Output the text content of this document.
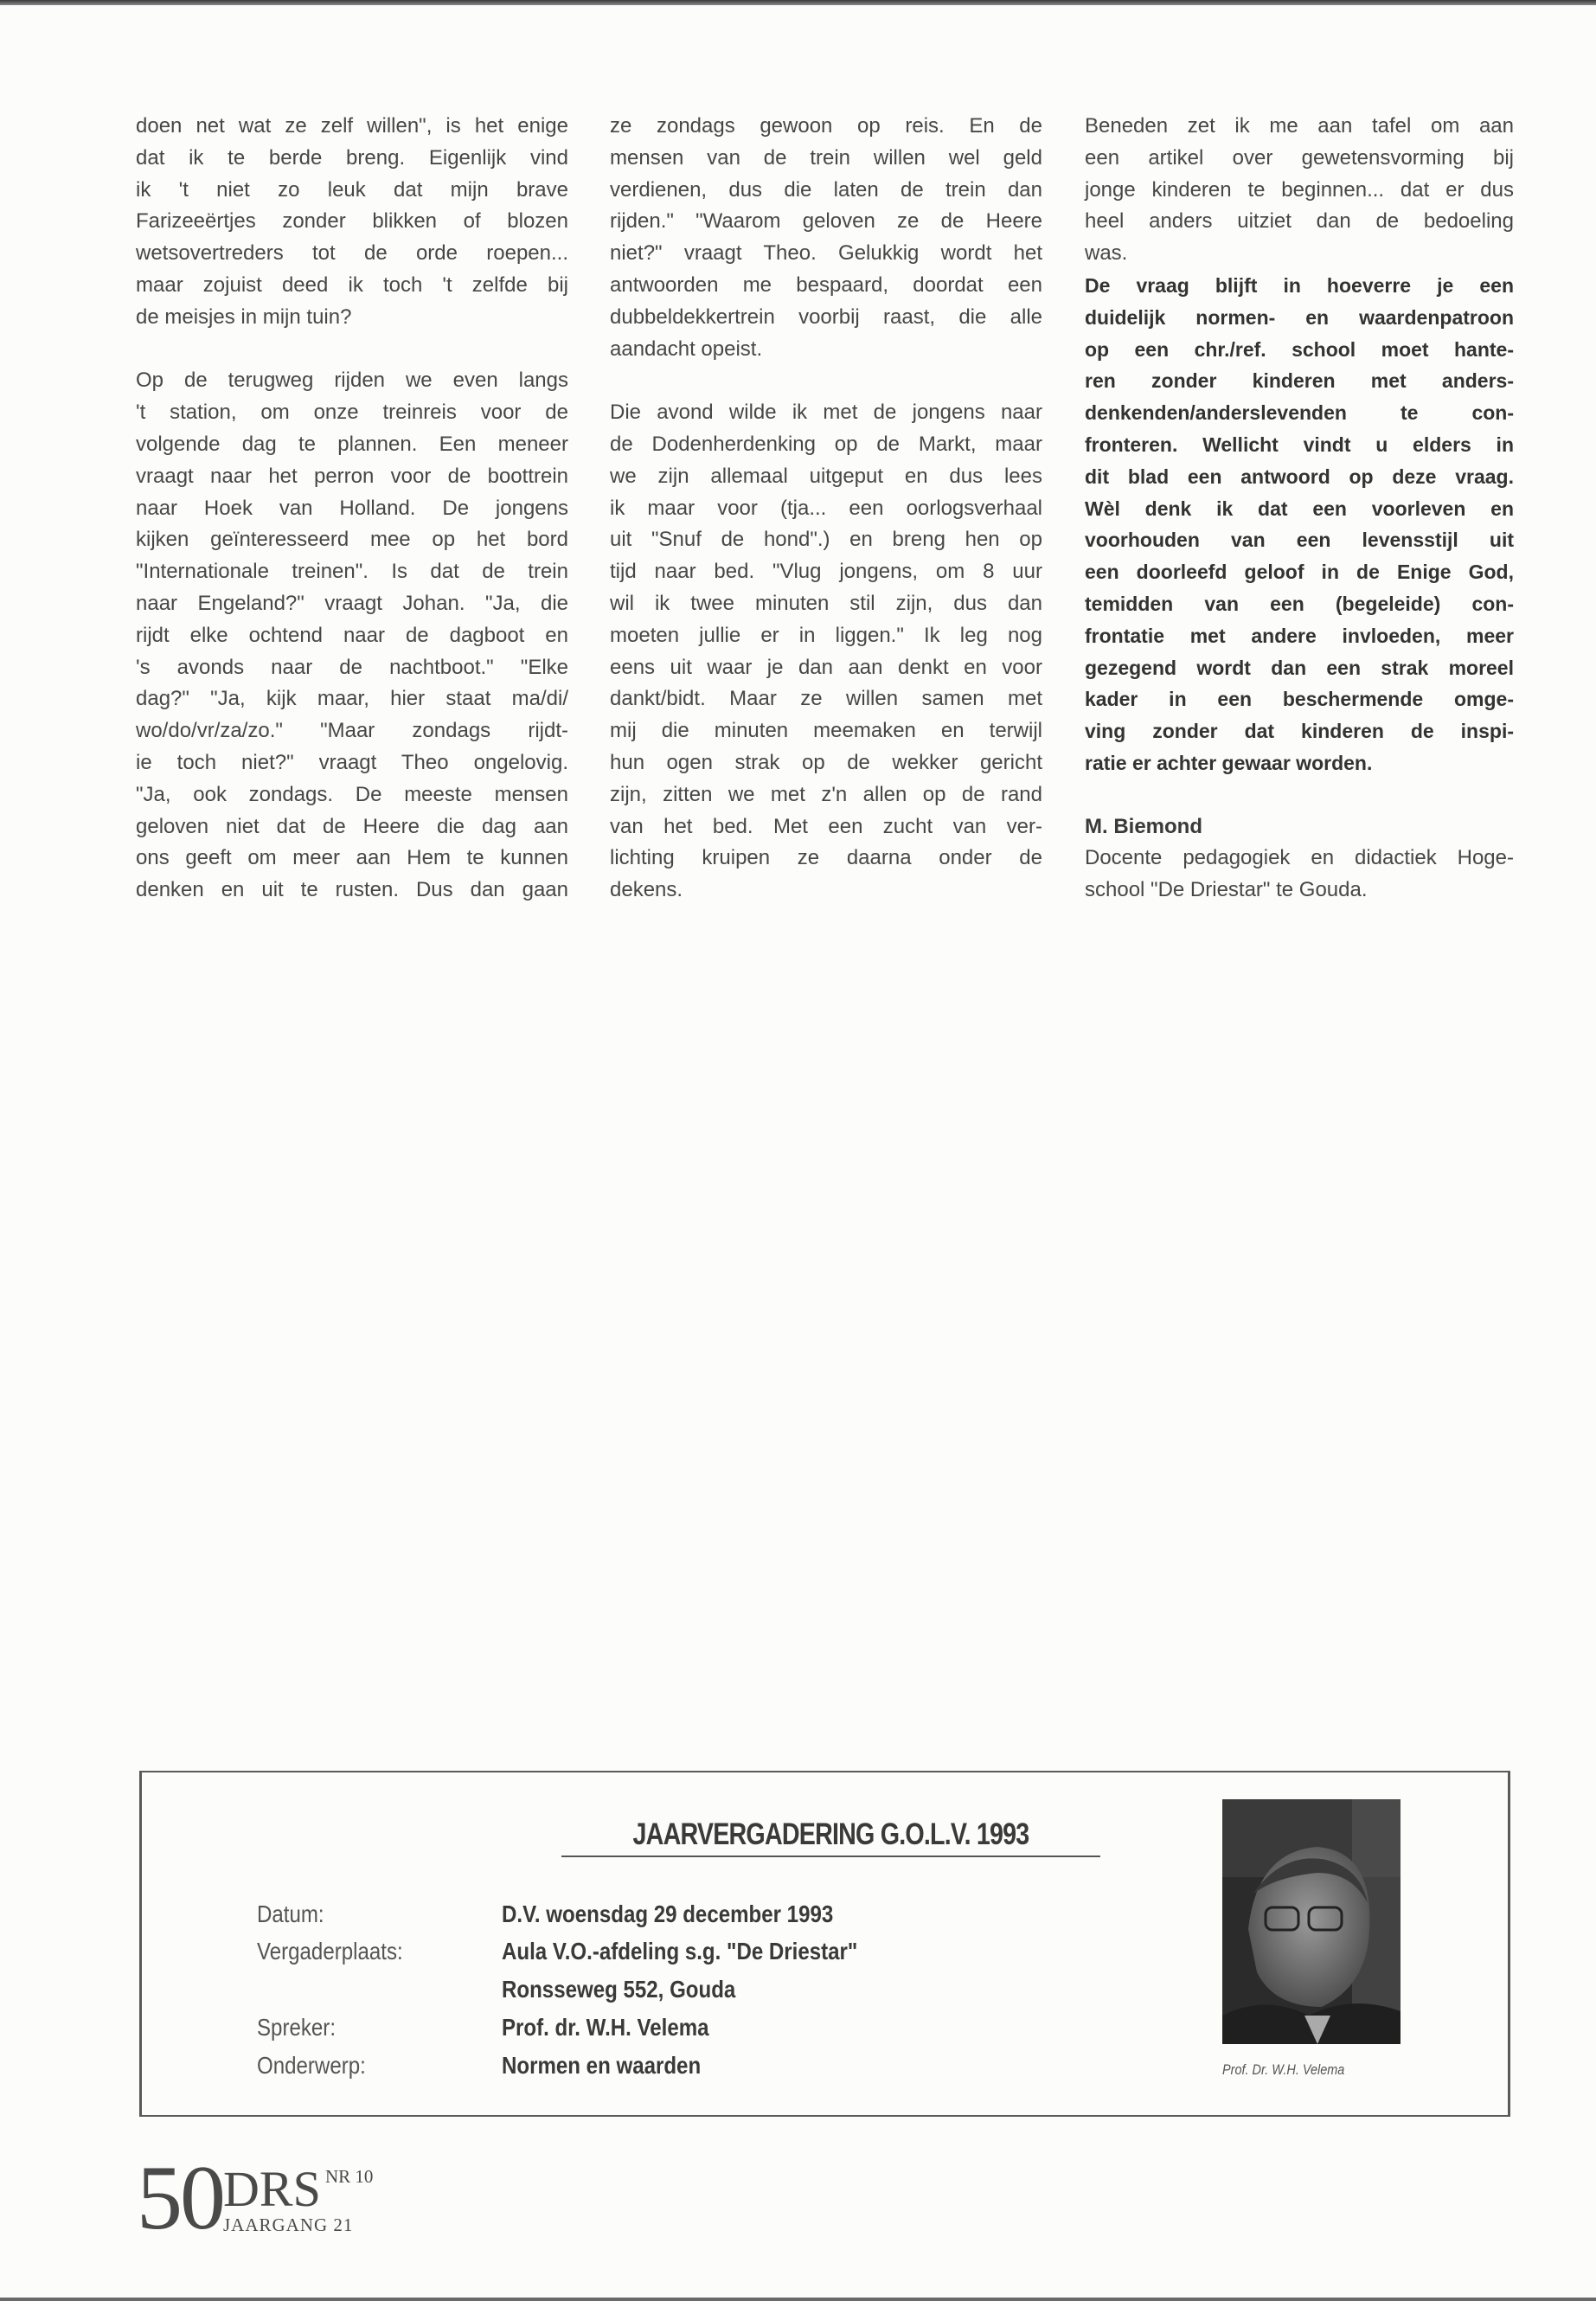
doen net wat ze zelf willen", is het enige
dat ik te berde breng. Eigenlijk vind
ik 't niet zo leuk dat mijn brave
Farizeeërtjes zonder blikken of blozen
wetsovertreders tot de orde roepen...
maar zojuist deed ik toch 't zelfde bij
de meisjes in mijn tuin?
Op de terugweg rijden we even langs
't station, om onze treinreis voor de
volgende dag te plannen. Een meneer
vraagt naar het perron voor de boottrein
naar Hoek van Holland. De jongens
kijken geïnteresseerd mee op het bord
"Internationale treinen". Is dat de trein
naar Engeland?" vraagt Johan. "Ja, die
rijdt elke ochtend naar de dagboot en
's avonds naar de nachtboot." "Elke
dag?" "Ja, kijk maar, hier staat ma/di/
wo/do/vr/za/zo." "Maar zondags rijdt-
ie toch niet?" vraagt Theo ongelovig.
"Ja, ook zondags. De meeste mensen
geloven niet dat de Heere die dag aan
ons geeft om meer aan Hem te kunnen
denken en uit te rusten. Dus dan gaan
ze zondags gewoon op reis. En de
mensen van de trein willen wel geld
verdienen, dus die laten de trein dan
rijden." "Waarom geloven ze de Heere
niet?" vraagt Theo. Gelukkig wordt het
antwoorden me bespaard, doordat een
dubbeldekkertrein voorbij raast, die alle
aandacht opeist.
Die avond wilde ik met de jongens naar
de Dodenherdenking op de Markt, maar
we zijn allemaal uitgeput en dus lees
ik maar voor (tja... een oorlogsverhaal
uit "Snuf de hond".) en breng hen op
tijd naar bed. "Vlug jongens, om 8 uur
wil ik twee minuten stil zijn, dus dan
moeten jullie er in liggen." Ik leg nog
eens uit waar je dan aan denkt en voor
dankt/bidt. Maar ze willen samen met
mij die minuten meemaken en terwijl
hun ogen strak op de wekker gericht
zijn, zitten we met z'n allen op de rand
van het bed. Met een zucht van ver-
lichting kruipen ze daarna onder de
dekens.
Beneden zet ik me aan tafel om aan
een artikel over gewetensvorming bij
jonge kinderen te beginnen... dat er dus
heel anders uitziet dan de bedoeling
was.
De vraag blijft in hoeverre je een
duidelijk normen- en waardenpatroon
op een chr./ref. school moet hante-
ren zonder kinderen met anders-
denkenden/anderslevenden te con-
fronteren. Wellicht vindt u elders in
dit blad een antwoord op deze vraag.
Wèl denk ik dat een voorleven en
voorhouden van een levensstijl uit
een doorleefd geloof in de Enige God,
temidden van een (begeleide) con-
frontatie met andere invloeden, meer
gezegend wordt dan een strak moreel
kader in een beschermende omge-
ving zonder dat kinderen de inspi-
ratie er achter gewaar worden.
M. Biemond
Docente pedagogiek en didactiek Hoge-
school "De Driestar" te Gouda.
JAARVERGADERING G.O.L.V. 1993
Datum:	D.V. woensdag 29 december 1993
Vergaderplaats:	Aula V.O.-afdeling s.g. "De Driestar"
Ronsseweg 552, Gouda
Spreker:	Prof. dr. W.H. Velema
Onderwerp:	Normen en waarden	Prof. Dr. W.H. Velema
50 DRS NR 10
JAARGANG 21
